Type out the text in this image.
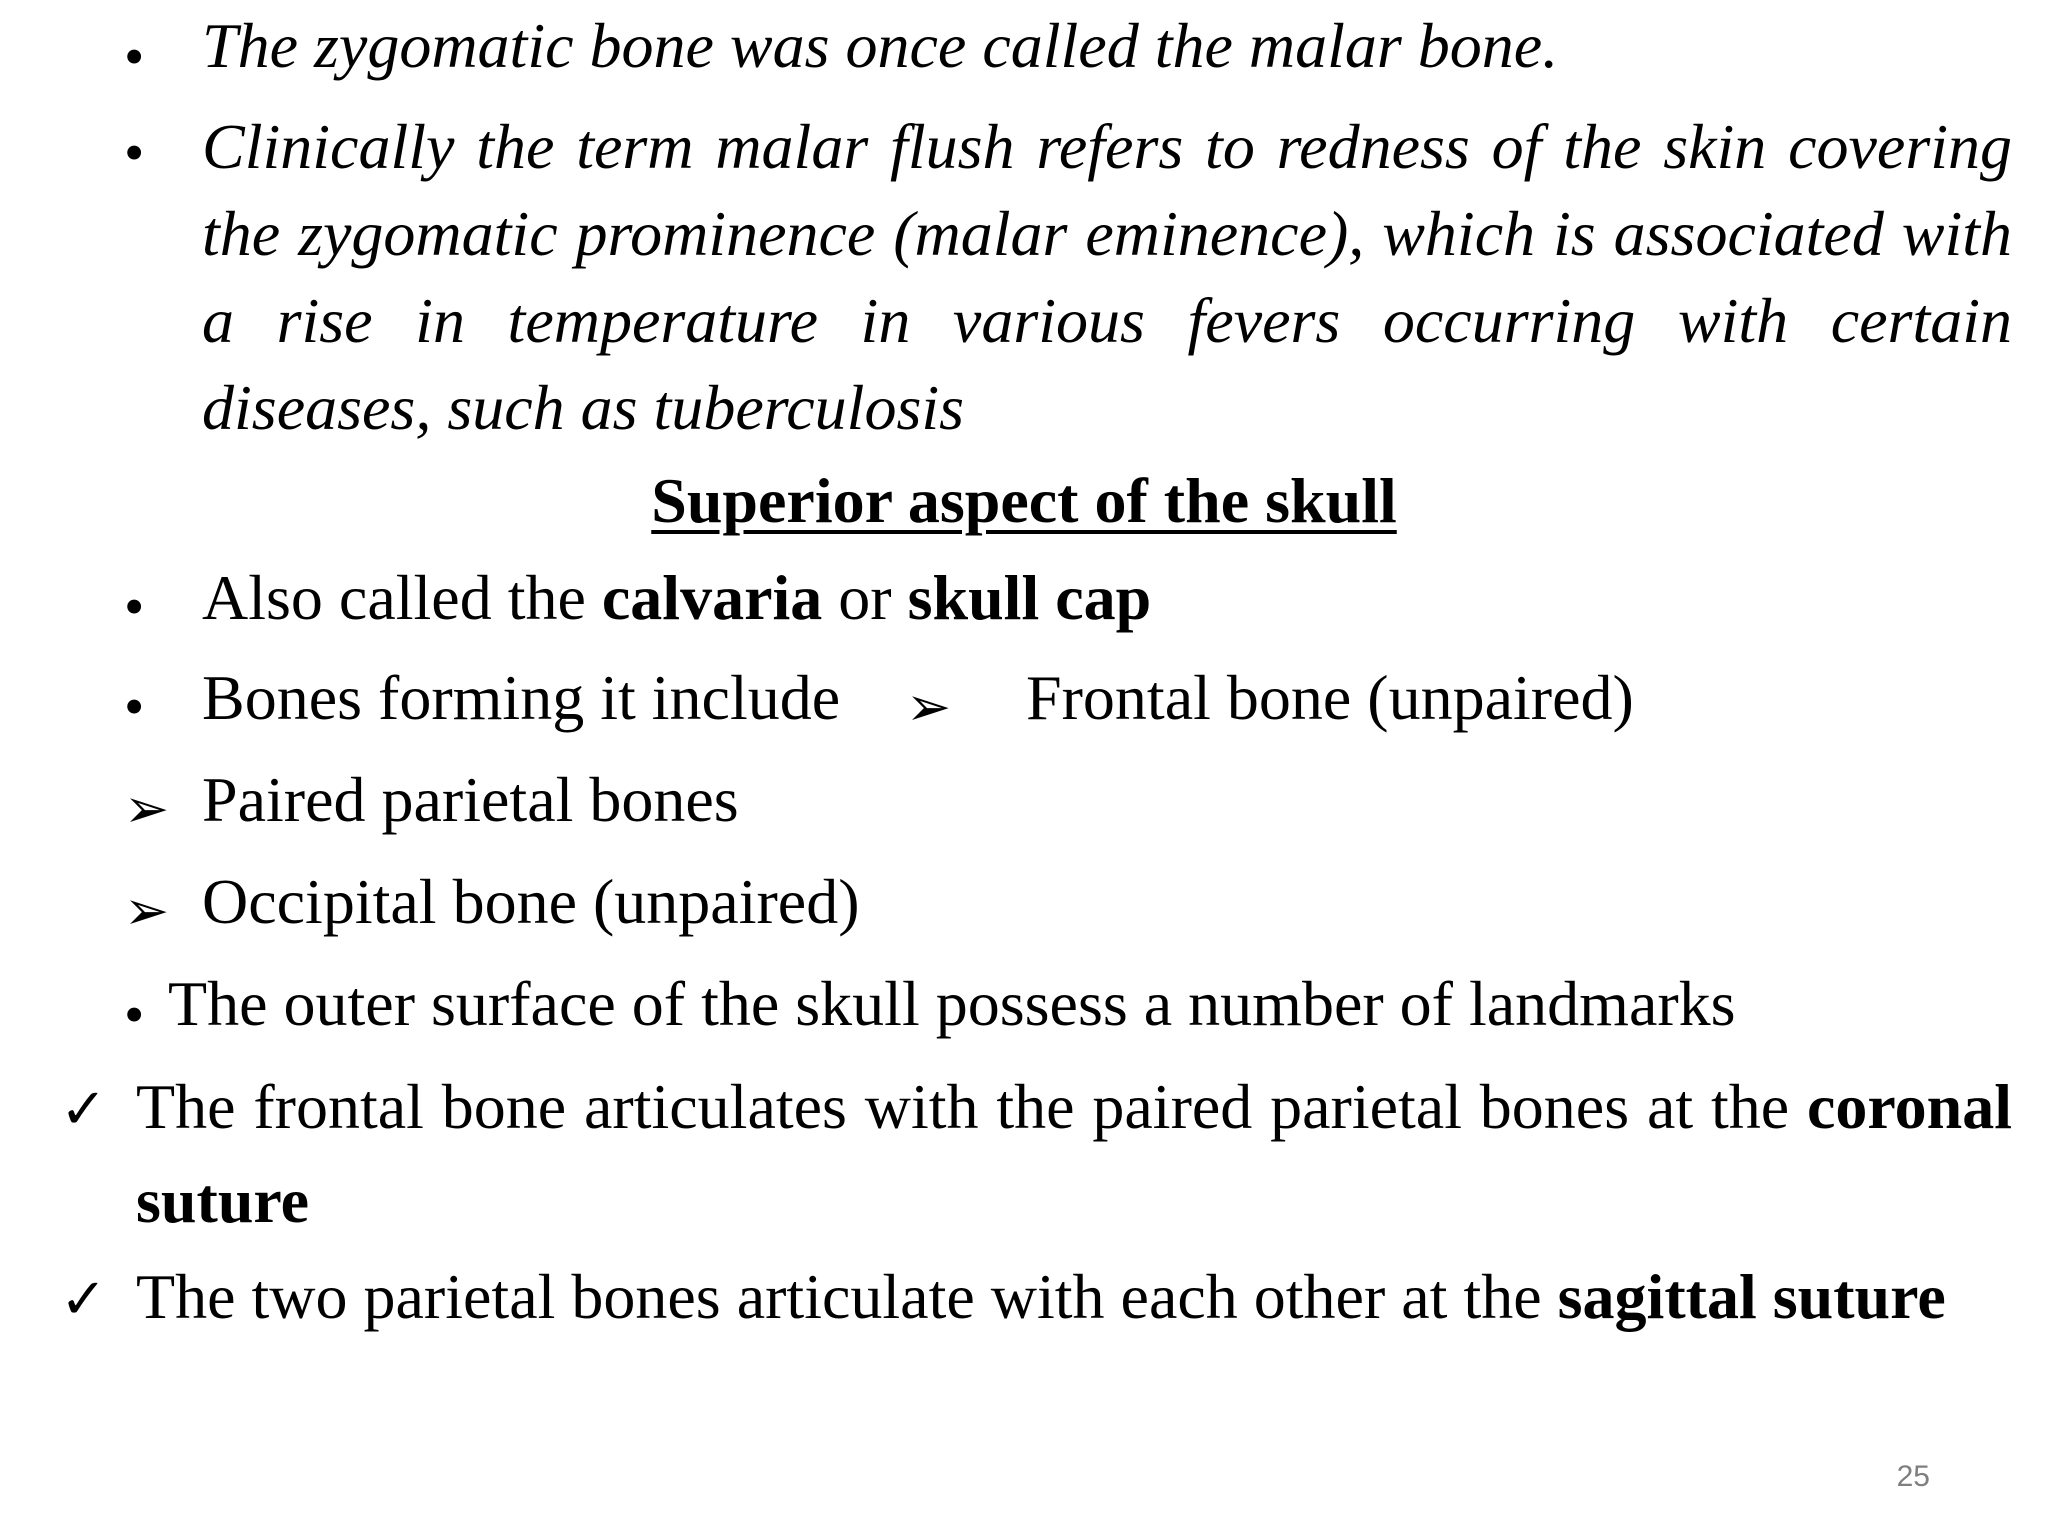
• The zygomatic bone was once called the malar bone.

• Clinically the term malar flush refers to redness of the skin covering the zygomatic prominence (malar eminence), which is associated with a rise in temperature in various fevers occurring with certain diseases, such as tuberculosis

Superior aspect of the skull

• Also called the calvaria or skull cap

• Bones forming it include ➢ Frontal bone (unpaired)

➢ Paired parietal bones

➢ Occipital bone (unpaired)

• The outer surface of the skull possess a number of landmarks

✓ The frontal bone articulates with the paired parietal bones at the coronal suture

✓ The two parietal bones articulate with each other at the sagittal suture

25
